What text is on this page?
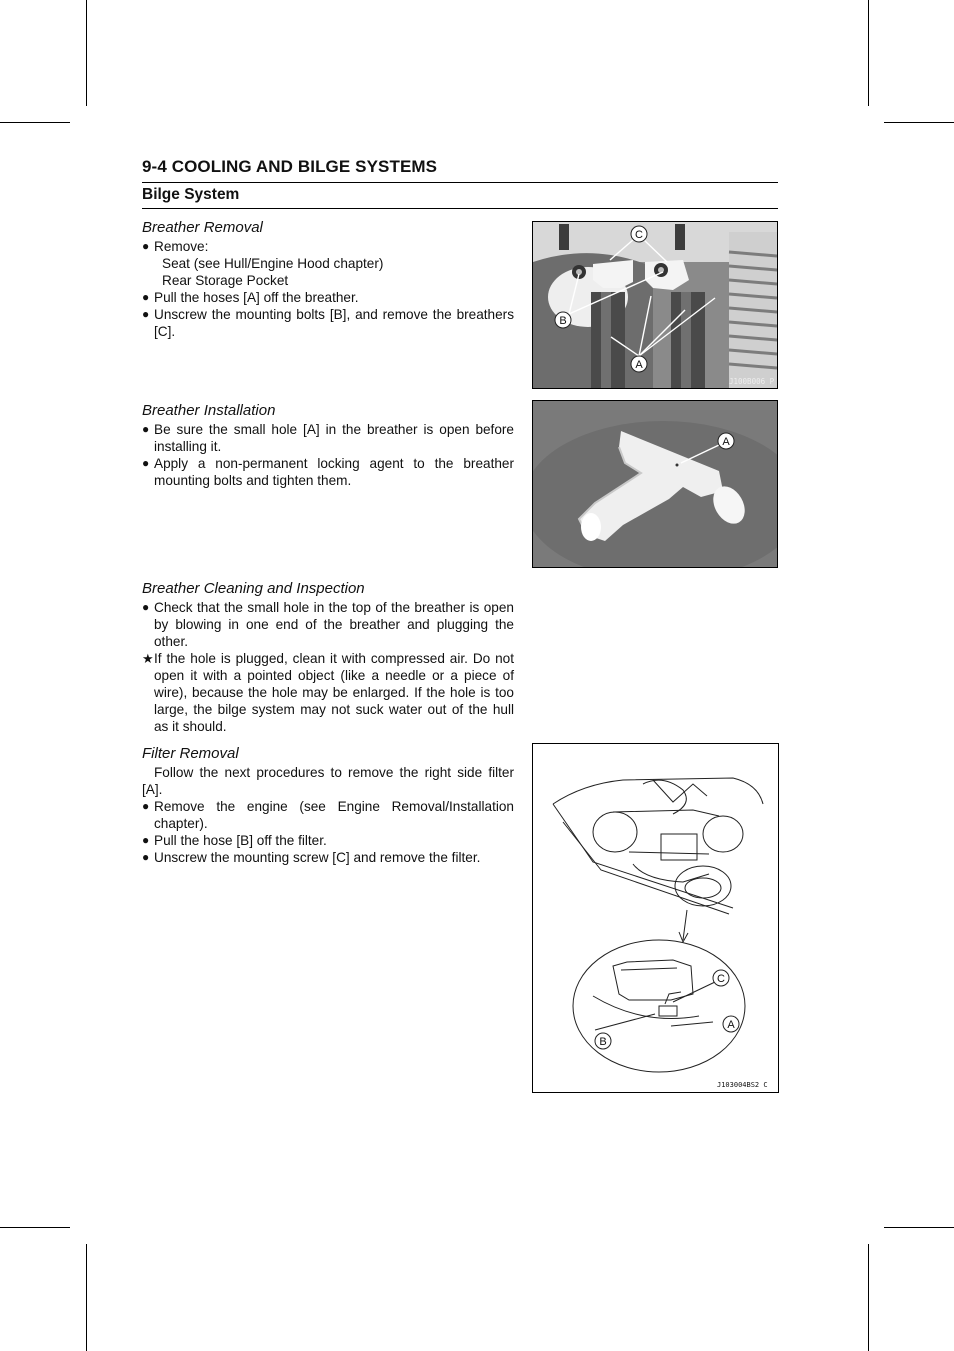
9-4 COOLING AND BILGE SYSTEMS
Bilge System
Breather Removal
● Remove:
Seat (see Hull/Engine Hood chapter)
Rear Storage Pocket
● Pull the hoses [A] off the breather.
● Unscrew the mounting bolts [B], and remove the breathers [C].
Breather Installation
● Be sure the small hole [A] in the breather is open before installing it.
● Apply a non-permanent locking agent to the breather mounting bolts and tighten them.
Breather Cleaning and Inspection
● Check that the small hole in the top of the breather is open by blowing in one end of the breather and plugging the other.
★ If the hole is plugged, clean it with compressed air. Do not open it with a pointed object (like a needle or a piece of wire), because the hole may be enlarged. If the hole is too large, the bilge system may not suck water out of the hull as it should.
Filter Removal
Follow the next procedures to remove the right side filter [A].
● Remove the engine (see Engine Removal/Installation chapter).
● Pull the hose [B] off the filter.
● Unscrew the mounting screw [C] and remove the filter.
C
B
A
J100B006 P
A
C
A
B
J103004BS2 C
